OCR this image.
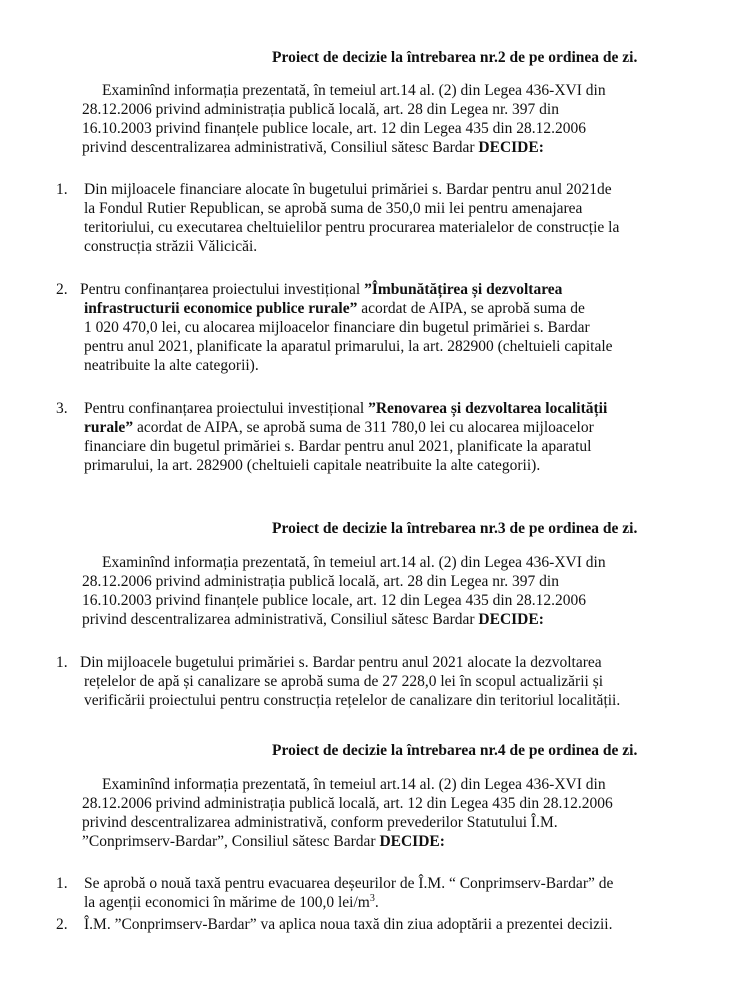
Proiect de decizie la întrebarea nr.2 de pe ordinea de zi.
Examinînd informația prezentată, în temeiul art.14 al. (2) din Legea 436-XVI din
28.12.2006 privind administrația publică locală, art. 28 din Legea nr. 397 din
16.10.2003 privind finanțele publice locale, art. 12 din Legea 435 din 28.12.2006
privind descentralizarea administrativă, Consiliul sătesc Bardar DECIDE:
1.	Din mijloacele financiare alocate în bugetului primăriei s. Bardar pentru anul 2021de
la Fondul Rutier Republican, se aprobă suma de 350,0 mii lei pentru amenajarea
teritoriului, cu executarea cheltuielilor pentru procurarea materialelor de construcție la
construcția străzii Vălicicăi.
2. Pentru confinanțarea proiectului investițional ”Îmbunătățirea și dezvoltarea
infrastructurii economice publice rurale” acordat de AIPA, se aprobă suma de
1 020 470,0 lei, cu alocarea mijloacelor financiare din bugetul primăriei s. Bardar
pentru anul 2021, planificate la aparatul primarului, la art. 282900 (cheltuieli capitale
neatribuite la alte categorii).
3.	Pentru confinanțarea proiectului investițional ”Renovarea și dezvoltarea localității
rurale” acordat de AIPA, se aprobă suma de 311 780,0 lei cu alocarea mijloacelor
financiare din bugetul primăriei s. Bardar pentru anul 2021, planificate la aparatul
primarului, la art. 282900 (cheltuieli capitale neatribuite la alte categorii).
Proiect de decizie la întrebarea nr.3 de pe ordinea de zi.
Examinînd informația prezentată, în temeiul art.14 al. (2) din Legea 436-XVI din
28.12.2006 privind administrația publică locală, art. 28 din Legea nr. 397 din
16.10.2003 privind finanțele publice locale, art. 12 din Legea 435 din 28.12.2006
privind descentralizarea administrativă, Consiliul sătesc Bardar DECIDE:
1. Din mijloacele bugetului primăriei s. Bardar pentru anul 2021 alocate la dezvoltarea
rețelelor de apă și canalizare se aprobă suma de 27 228,0 lei în scopul actualizării și
verificării proiectului pentru construcția rețelelor de canalizare din teritoriul localității.
Proiect de decizie la întrebarea nr.4 de pe ordinea de zi.
Examinînd informația prezentată, în temeiul art.14 al. (2) din Legea 436-XVI din
28.12.2006 privind administrația publică locală, art. 12 din Legea 435 din 28.12.2006
privind descentralizarea administrativă, conform prevederilor Statutului Î.M.
”Conprimserv-Bardar”, Consiliul sătesc Bardar DECIDE:
1.	Se aprobă o nouă taxă pentru evacuarea deșeurilor de Î.M. “ Conprimserv-Bardar” de
la agenții economici în mărime de 100,0 lei/$m^3$.
2.	Î.M. ”Conprimserv-Bardar” va aplica noua taxă din ziua adoptării a prezentei decizii.
